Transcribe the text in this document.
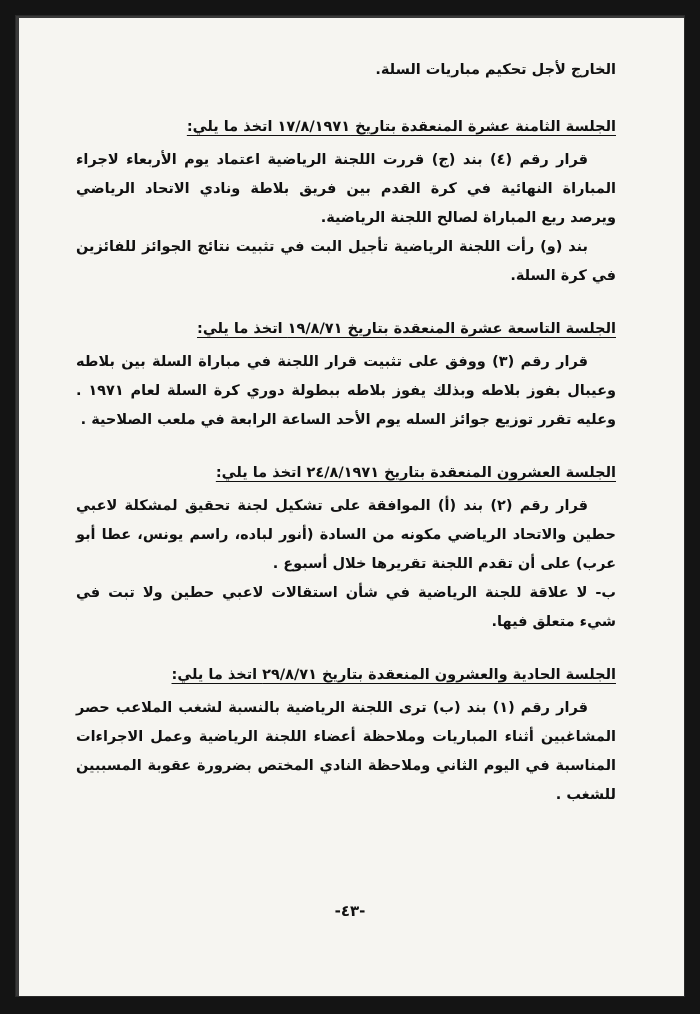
الخارج لأجل تحكيم مباريات السلة.

الجلسة الثامنة عشرة المنعقدة بتاريخ ١٧/٨/١٩٧١ اتخذ ما يلي:

قرار رقم (٤) بند (ج) قررت اللجنة الرياضية اعتماد يوم الأربعاء لاجراء المباراة النهائية في كرة القدم بين فريق بلاطة ونادي الاتحاد الرياضي ويرصد ريع المباراة لصالح اللجنة الرياضية.

بند (و) رأت اللجنة الرياضية تأجيل البت في تثبيت نتائج الجوائز للفائزين في كرة السلة.

الجلسة التاسعة عشرة المنعقدة بتاريخ ١٩/٨/٧١ اتخذ ما يلي:

قرار رقم (٣) ووفق على تثبيت قرار اللجنة في مباراة السلة بين بلاطه وعيبال بفوز بلاطه وبذلك يفوز بلاطه ببطولة دوري كرة السلة لعام ١٩٧١ . وعليه تقرر توزيع جوائز السله يوم الأحد الساعة الرابعة في ملعب الصلاحية .

الجلسة العشرون المنعقدة بتاريخ ٢٤/٨/١٩٧١ اتخذ ما يلي:

قرار رقم (٢) بند (أ) الموافقة على تشكيل لجنة تحقيق لمشكلة لاعبي حطين والاتحاد الرياضي مكونه من السادة (أنور لباده، راسم يونس، عطا أبو عرب) على أن تقدم اللجنة تقريرها خلال أسبوع .

ب- لا علاقة للجنة الرياضية في شأن استقالات لاعبي حطين ولا تبت في شيء متعلق فيها.

الجلسة الحادية والعشرون المنعقدة بتاريخ ٢٩/٨/٧١ اتخذ ما يلي:

قرار رقم (١) بند (ب) ترى اللجنة الرياضية بالنسبة لشغب الملاعب حصر المشاغبين أثناء المباريات وملاحظة أعضاء اللجنة الرياضية وعمل الاجراءات المناسبة في اليوم الثاني وملاحظة النادي المختص بضرورة عقوبة المسببين للشغب .

-٤٣-
